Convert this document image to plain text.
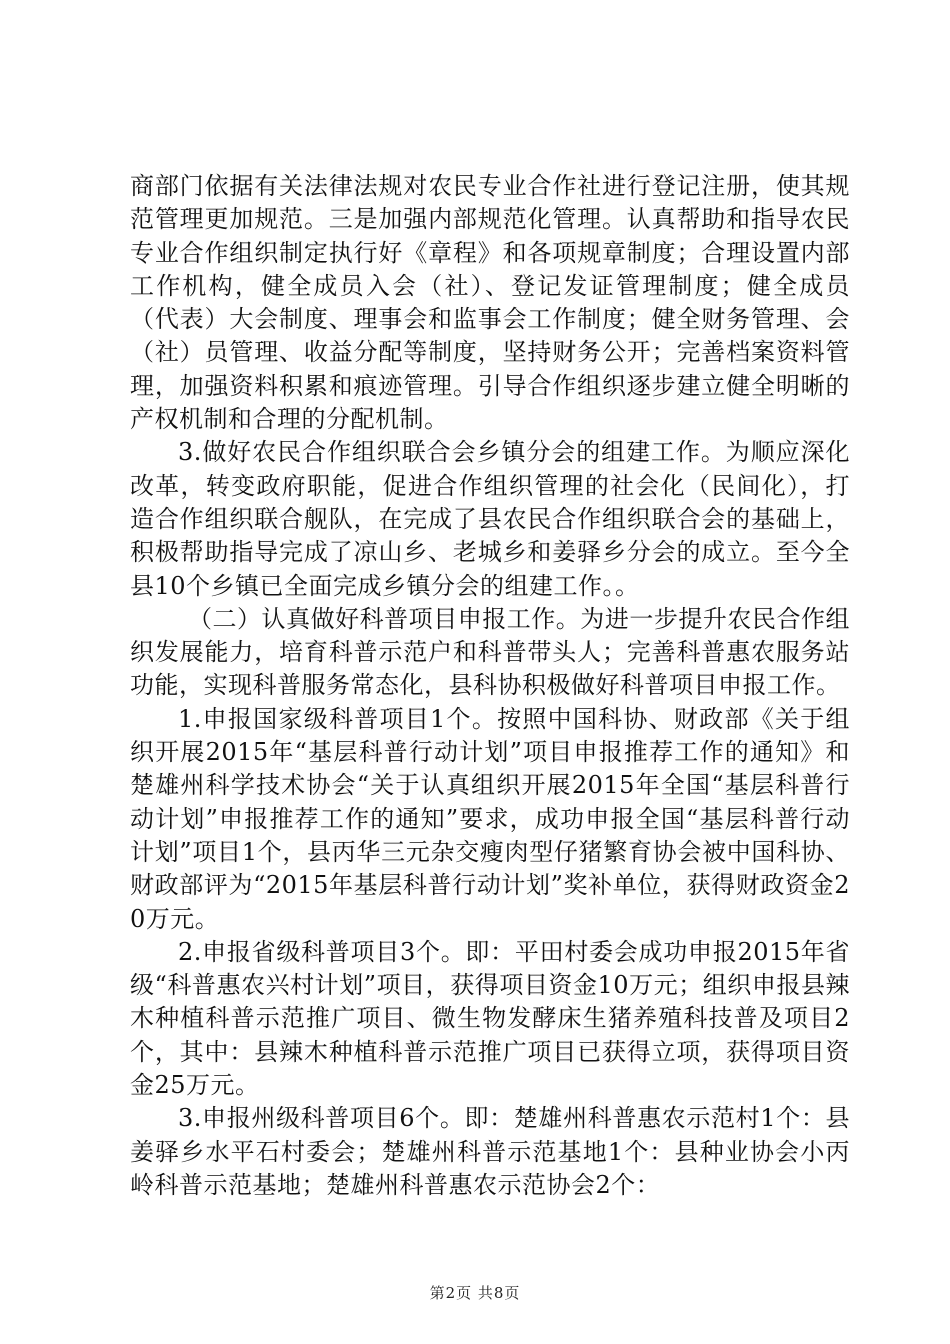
商部门依据有关法律法规对农民专业合作社进行登记注册，使其规范管理更加规范。三是加强内部规范化管理。认真帮助和指导农民专业合作组织制定执行好《章程》和各项规章制度；合理设置内部工作机构，健全成员入会（社）、登记发证管理制度；健全成员（代表）大会制度、理事会和监事会工作制度；健全财务管理、会（社）员管理、收益分配等制度，坚持财务公开；完善档案资料管理，加强资料积累和痕迹管理。引导合作组织逐步建立健全明晰的产权机制和合理的分配机制。

3.做好农民合作组织联合会乡镇分会的组建工作。为顺应深化改革，转变政府职能，促进合作组织管理的社会化（民间化），打造合作组织联合舰队，在完成了县农民合作组织联合会的基础上，积极帮助指导完成了凉山乡、老城乡和姜驿乡分会的成立。至今全县10个乡镇已全面完成乡镇分会的组建工作。。

（二）认真做好科普项目申报工作。为进一步提升农民合作组织发展能力，培育科普示范户和科普带头人；完善科普惠农服务站功能，实现科普服务常态化，县科协积极做好科普项目申报工作。

1.申报国家级科普项目1个。按照中国科协、财政部《关于组织开展2015年“基层科普行动计划”项目申报推荐工作的通知》和楚雄州科学技术协会“关于认真组织开展2015年全国“基层科普行动计划”申报推荐工作的通知”要求，成功申报全国“基层科普行动计划”项目1个，县丙华三元杂交瘦肉型仔猪繁育协会被中国科协、财政部评为“2015年基层科普行动计划”奖补单位，获得财政资金20万元。

2.申报省级科普项目3个。即：平田村委会成功申报2015年省级“科普惠农兴村计划”项目，获得项目资金10万元；组织申报县辣木种植科普示范推广项目、微生物发酵床生猪养殖科技普及项目2个，其中：县辣木种植科普示范推广项目已获得立项，获得项目资金25万元。

3.申报州级科普项目6个。即：楚雄州科普惠农示范村1个：县姜驿乡水平石村委会；楚雄州科普示范基地1个：县种业协会小丙岭科普示范基地；楚雄州科普惠农示范协会2个：

第2页 共8页
